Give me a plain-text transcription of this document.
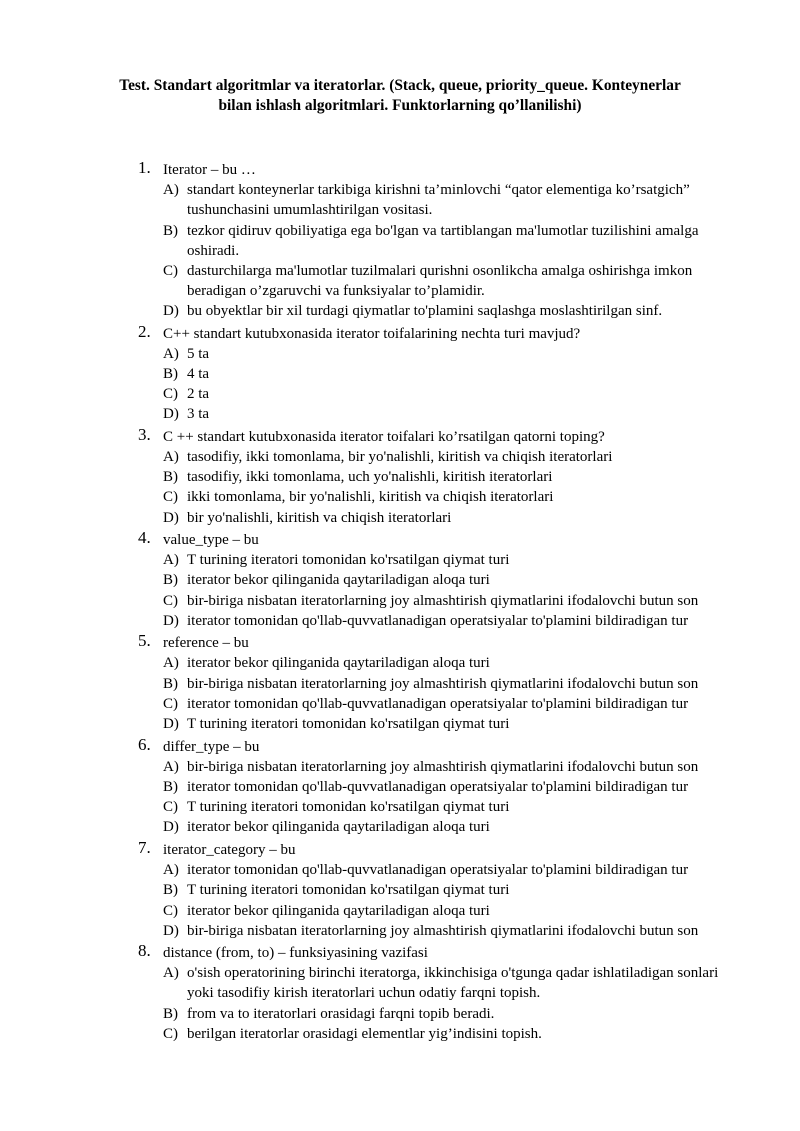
Test. Standart algoritmlar va iteratorlar. (Stack, queue, priority_queue. Konteynerlar
bilan ishlash algoritmlari. Funktorlarning qo’llanilishi)
1. Iterator – bu …
A) standart konteynerlar tarkibiga kirishni ta’minlovchi “qator elementiga ko’rsatgich” tushunchasini umumlashtirilgan vositasi.
B) tezkor qidiruv qobiliyatiga ega bo'lgan va tartiblangan ma'lumotlar tuzilishini amalga oshiradi.
C) dasturchilarga ma'lumotlar tuzilmalari qurishni osonlikcha amalga oshirishga imkon beradigan o’zgaruvchi va funksiyalar to’plamidir.
D) bu obyektlar bir xil turdagi qiymatlar to'plamini saqlashga moslashtirilgan sinf.
2. C++ standart kutubxonasida iterator toifalarining nechta turi mavjud?
A) 5 ta
B) 4 ta
C) 2 ta
D) 3 ta
3. C ++ standart kutubxonasida iterator toifalari ko’rsatilgan qatorni toping?
A) tasodifiy, ikki tomonlama, bir yo'nalishli, kiritish va chiqish iteratorlari
B) tasodifiy, ikki tomonlama, uch yo'nalishli, kiritish iteratorlari
C) ikki tomonlama, bir yo'nalishli, kiritish va chiqish iteratorlari
D) bir yo'nalishli, kiritish va chiqish iteratorlari
4. value_type – bu
A) T turining iteratori tomonidan ko'rsatilgan qiymat turi
B) iterator bekor qilinganida qaytariladigan aloqa turi
C) bir-biriga nisbatan iteratorlarning joy almashtirish qiymatlarini ifodalovchi butun son
D) iterator tomonidan qo'llab-quvvatlanadigan operatsiyalar to'plamini bildiradigan tur
5. reference – bu
A) iterator bekor qilinganida qaytariladigan aloqa turi
B) bir-biriga nisbatan iteratorlarning joy almashtirish qiymatlarini ifodalovchi butun son
C) iterator tomonidan qo'llab-quvvatlanadigan operatsiyalar to'plamini bildiradigan tur
D) T turining iteratori tomonidan ko'rsatilgan qiymat turi
6. differ_type – bu
A) bir-biriga nisbatan iteratorlarning joy almashtirish qiymatlarini ifodalovchi butun son
B) iterator tomonidan qo'llab-quvvatlanadigan operatsiyalar to'plamini bildiradigan tur
C) T turining iteratori tomonidan ko'rsatilgan qiymat turi
D) iterator bekor qilinganida qaytariladigan aloqa turi
7. iterator_category – bu
A) iterator tomonidan qo'llab-quvvatlanadigan operatsiyalar to'plamini bildiradigan tur
B) T turining iteratori tomonidan ko'rsatilgan qiymat turi
C) iterator bekor qilinganida qaytariladigan aloqa turi
D) bir-biriga nisbatan iteratorlarning joy almashtirish qiymatlarini ifodalovchi butun son
8. distance (from, to) – funksiyasining vazifasi
A) o'sish operatorining birinchi iteratorga, ikkinchisiga o'tgunga qadar ishlatiladigan sonlari yoki tasodifiy kirish iteratorlari uchun odatiy farqni topish.
B) from va to iteratorlari orasidagi farqni topib beradi.
C) berilgan iteratorlar orasidagi elementlar yig’indisini topish.
